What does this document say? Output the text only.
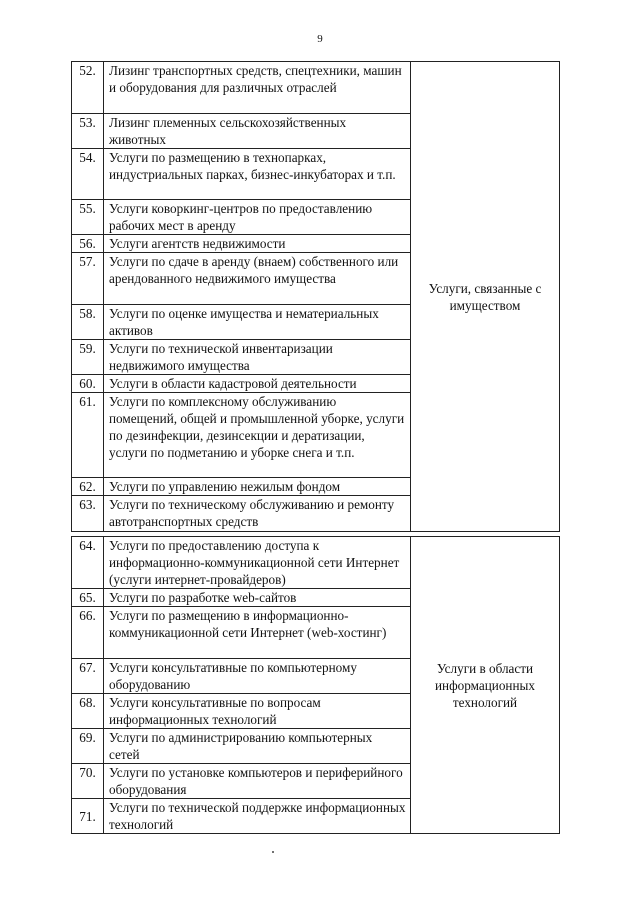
9
52.	Лизинг транспортных средств, спецтехники, машин и оборудования для различных отраслей	Услуги, связанные с имуществом
53.	Лизинг племенных сельскохозяйственных животных	
54.	Услуги по размещению в технопарках, индустриальных парках, бизнес-инкубаторах и т.п.	
55.	Услуги коворкинг-центров по предоставлению рабочих мест в аренду	
56.	Услуги агентств недвижимости	
57.	Услуги по сдаче в аренду (внаем) собственного или арендованного недвижимого имущества	
58.	Услуги по оценке имущества и нематериальных активов	
59.	Услуги по технической инвентаризации недвижимого имущества	
60.	Услуги в области кадастровой деятельности	
61.	Услуги по комплексному обслуживанию помещений, общей и промышленной уборке, услуги по дезинфекции, дезинсекции и дератизации, услуги по подметанию и уборке снега и т.п.	
62.	Услуги по управлению нежилым фондом	
63.	Услуги по техническому обслуживанию и ремонту автотранспортных средств	
64.	Услуги по предоставлению доступа к информационно-коммуникационной сети Интернет (услуги интернет-провайдеров)	Услуги в области информационных технологий
65.	Услуги по разработке web-сайтов	
66.	Услуги по размещению в информационно-коммуникационной сети Интернет (web-хостинг)	
67.	Услуги консультативные по компьютерному оборудованию	
68.	Услуги консультативные по вопросам информационных технологий	
69.	Услуги по администрированию компьютерных сетей	
70.	Услуги по установке компьютеров и периферийного оборудования	
71.	Услуги по технической поддержке информационных технологий	
